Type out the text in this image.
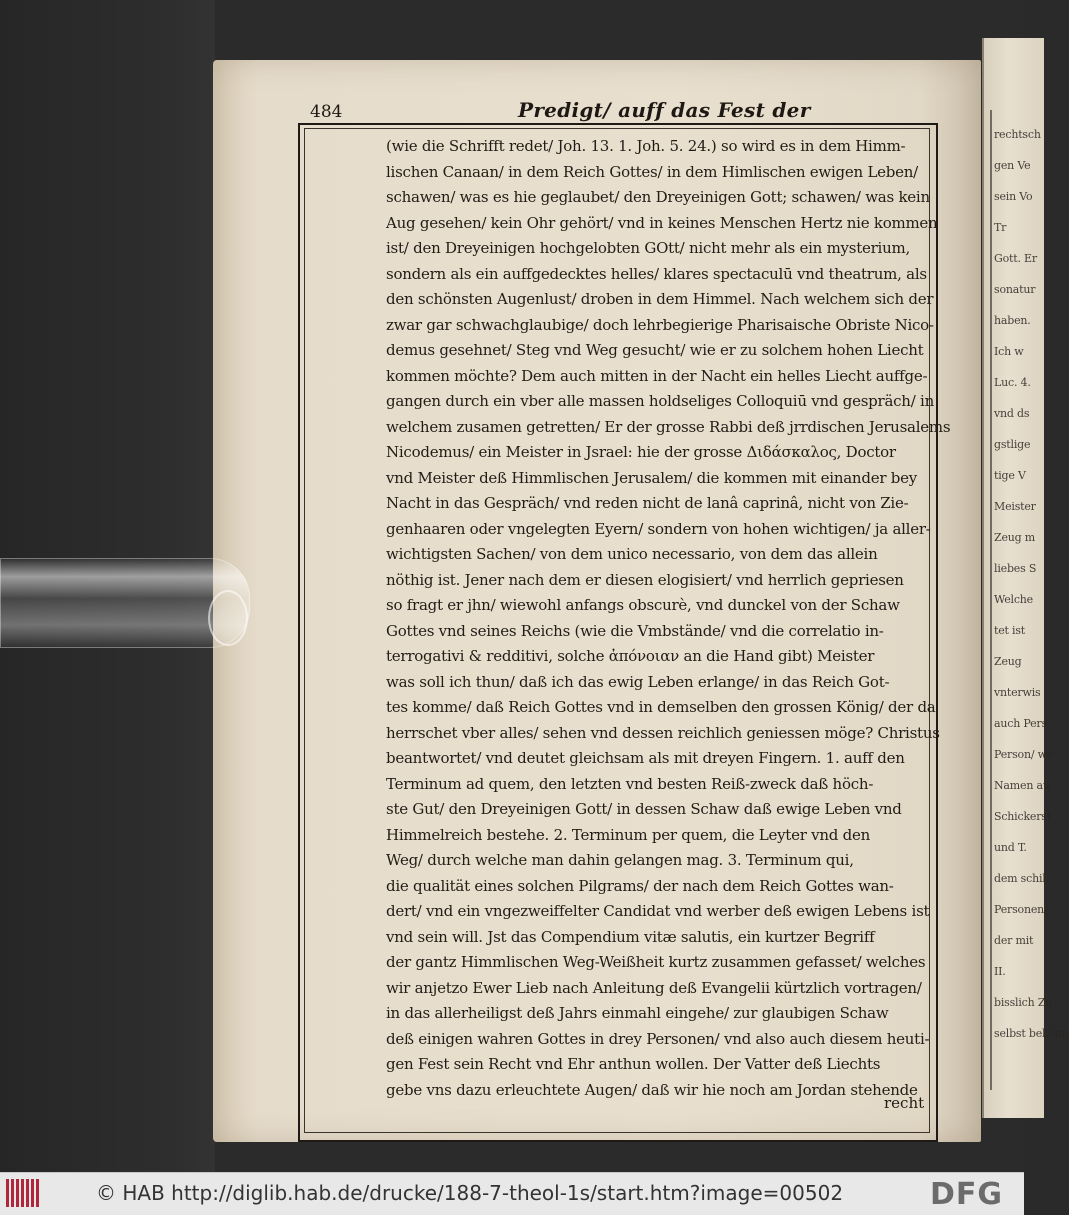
rechtsch
gen Ve
sein Vo
Tr
Gott. Er
sonatur
haben.
Ich w
Luc. 4.
vnd ds
gstlige
tige V
Meister
Zeug m
liebes S
Welche
tet ist
Zeug
vnterwis
auch Pers
Person/ we
Namen au
Schickerst
und T.
dem schil
Personen/
der mit
II.
bisslich Zu
selbst bekenn
484	Predigt/ auff das Fest der
(wie die Schrifft redet/ Joh. 13. 1. Joh. 5. 24.) so wird es in dem Himm-
lischen Canaan/ in dem Reich Gottes/ in dem Himlischen ewigen Leben/
schawen/ was es hie geglaubet/ den Dreyeinigen Gott; schawen/ was kein
Aug gesehen/ kein Ohr gehört/ vnd in keines Menschen Hertz nie kommen
ist/ den Dreyeinigen hochgelobten GOtt/ nicht mehr als ein mysterium,
sondern als ein auffgedecktes helles/ klares spectaculū vnd theatrum, als
den schönsten Augenlust/ droben in dem Himmel. Nach welchem sich der
zwar gar schwachglaubige/ doch lehrbegierige Pharisaische Obriste Nico-
demus gesehnet/ Steg vnd Weg gesucht/ wie er zu solchem hohen Liecht
kommen möchte? Dem auch mitten in der Nacht ein helles Liecht auffge-
gangen durch ein vber alle massen holdseliges Colloquiū vnd gespräch/ in
welchem zusamen getretten/ Er der grosse Rabbi deß jrrdischen Jerusalems
Nicodemus/ ein Meister in Jsrael: hie der grosse Διδάσκαλος, Doctor
vnd Meister deß Himmlischen Jerusalem/ die kommen mit einander bey
Nacht in das Gespräch/ vnd reden nicht de lanâ caprinâ, nicht von Zie-
genhaaren oder vngelegten Eyern/ sondern von hohen wichtigen/ ja aller-
wichtigsten Sachen/ von dem unico necessario, von dem das allein
nöthig ist. Jener nach dem er diesen elogisiert/ vnd herrlich gepriesen
so fragt er jhn/ wiewohl anfangs obscurè, vnd dunckel von der Schaw
Gottes vnd seines Reichs (wie die Vmbstände/ vnd die correlatio in-
terrogativi & redditivi, solche ἀπόνοιαν an die Hand gibt) Meister
was soll ich thun/ daß ich das ewig Leben erlange/ in das Reich Got-
tes komme/ daß Reich Gottes vnd in demselben den grossen König/ der da
herrschet vber alles/ sehen vnd dessen reichlich geniessen möge? Christus
beantwortet/ vnd deutet gleichsam als mit dreyen Fingern. 1. auff den
Terminum ad quem, den letzten vnd besten Reiß-zweck daß höch-
ste Gut/ den Dreyeinigen Gott/ in dessen Schaw daß ewige Leben vnd
Himmelreich bestehe. 2. Terminum per quem, die Leyter vnd den
Weg/ durch welche man dahin gelangen mag. 3. Terminum qui,
die qualität eines solchen Pilgrams/ der nach dem Reich Gottes wan-
dert/ vnd ein vngezweiffelter Candidat vnd werber deß ewigen Lebens ist
vnd sein will. Jst das Compendium vitæ salutis, ein kurtzer Begriff
der gantz Himmlischen Weg-Weißheit kurtz zusammen gefasset/ welches
wir anjetzo Ewer Lieb nach Anleitung deß Evangelii kürtzlich vortragen/
in das allerheiligst deß Jahrs einmahl eingehe/ zur glaubigen Schaw
deß einigen wahren Gottes in drey Personen/ vnd also auch diesem heuti-
gen Fest sein Recht vnd Ehr anthun wollen. Der Vatter deß Liechts
gebe vns dazu erleuchtete Augen/ daß wir hie noch am Jordan stehende
recht
© HAB http://diglib.hab.de/drucke/188-7-theol-1s/start.htm?image=00502	DFG
